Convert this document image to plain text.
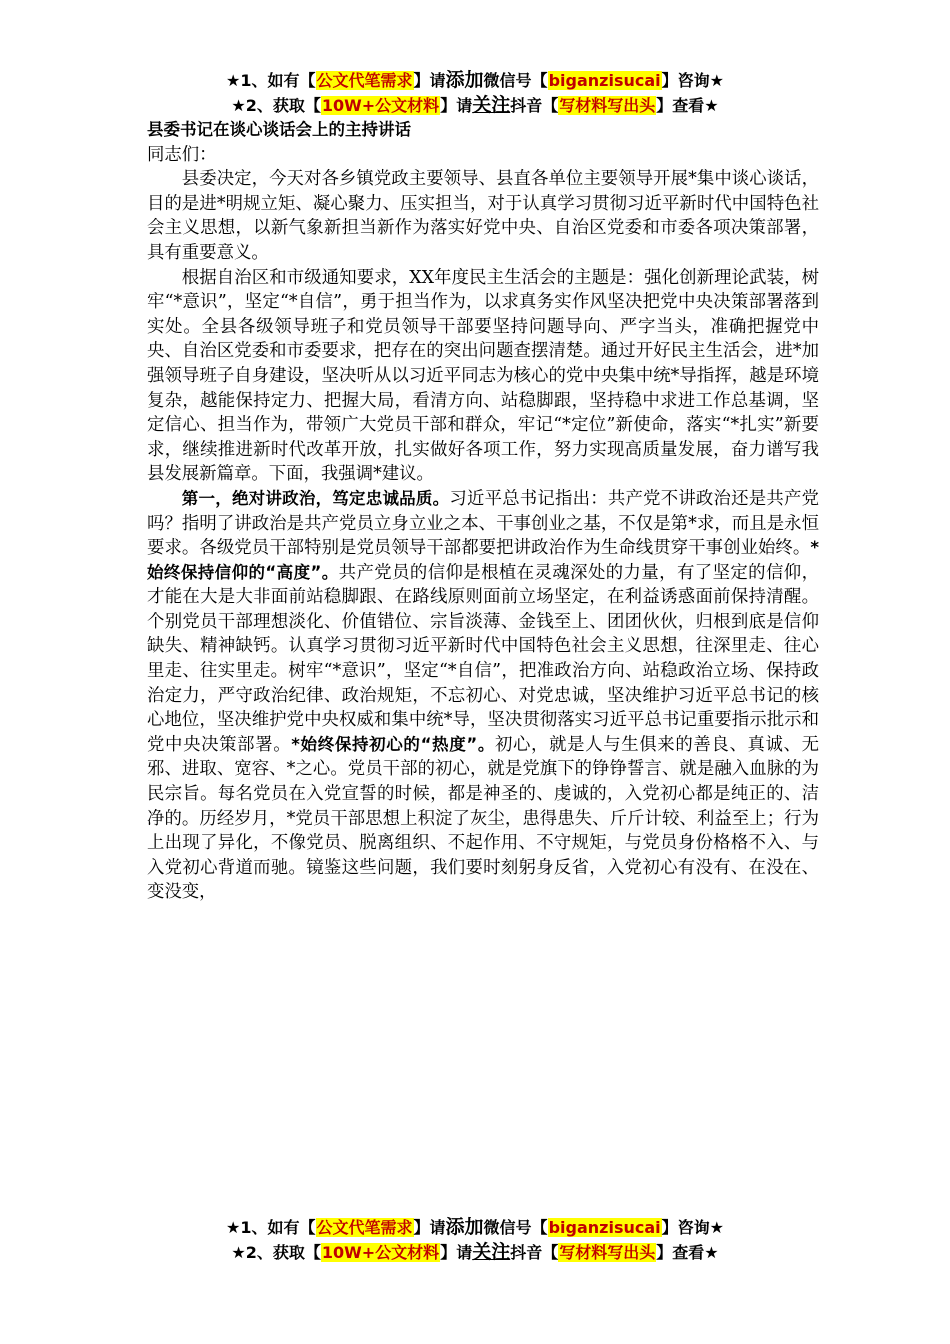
★1、如有【公文代笔需求】请添加微信号【biganzisucai】咨询★
★2、获取【10W+公文材料】请关注抖音【写材料写出头】查看★
县委书记在谈心谈话会上的主持讲话

同志们：

县委决定，今天对各乡镇党政主要领导、县直各单位主要领导开展*集中谈心谈话，目的是进*明规立矩、凝心聚力、压实担当，对于认真学习贯彻习近平新时代中国特色社会主义思想，以新气象新担当新作为落实好党中央、自治区党委和市委各项决策部署，具有重要意义。

根据自治区和市级通知要求，XX年度民主生活会的主题是：强化创新理论武装，树牢“*意识”，坚定“*自信”，勇于担当作为，以求真务实作风坚决把党中央决策部署落到实处。全县各级领导班子和党员领导干部要坚持问题导向、严字当头，准确把握党中央、自治区党委和市委要求，把存在的突出问题查摆清楚。通过开好民主生活会，进*加强领导班子自身建设，坚决听从以习近平同志为核心的党中央集中统*导指挥，越是环境复杂，越能保持定力、把握大局，看清方向、站稳脚跟，坚持稳中求进工作总基调，坚定信心、担当作为，带领广大党员干部和群众，牢记“*定位”新使命，落实“*扎实”新要求，继续推进新时代改革开放，扎实做好各项工作，努力实现高质量发展，奋力谱写我县发展新篇章。下面，我强调*建议。

第一，绝对讲政治，笃定忠诚品质。习近平总书记指出：共产党不讲政治还是共产党吗？指明了讲政治是共产党员立身立业之本、干事创业之基，不仅是第*求，而且是永恒要求。各级党员干部特别是党员领导干部都要把讲政治作为生命线贯穿干事创业始终。*始终保持信仰的“高度”。共产党员的信仰是根植在灵魂深处的力量，有了坚定的信仰，才能在大是大非面前站稳脚跟、在路线原则面前立场坚定，在利益诱惑面前保持清醒。个别党员干部理想淡化、价值错位、宗旨淡薄、金钱至上、团团伙伙，归根到底是信仰缺失、精神缺钙。认真学习贯彻习近平新时代中国特色社会主义思想，往深里走、往心里走、往实里走。树牢“*意识”，坚定“*自信”，把准政治方向、站稳政治立场、保持政治定力，严守政治纪律、政治规矩，不忘初心、对党忠诚，坚决维护习近平总书记的核心地位，坚决维护党中央权威和集中统*导，坚决贯彻落实习近平总书记重要指示批示和党中央决策部署。*始终保持初心的“热度”。初心，就是人与生俱来的善良、真诚、无邪、进取、宽容、*之心。党员干部的初心，就是党旗下的铮铮誓言、就是融入血脉的为民宗旨。每名党员在入党宣誓的时候，都是神圣的、虔诚的，入党初心都是纯正的、洁净的。历经岁月，*党员干部思想上积淀了灰尘，患得患失、斤斤计较、利益至上；行为上出现了异化，不像党员、脱离组织、不起作用、不守规矩，与党员身份格格不入、与入党初心背道而驰。镜鉴这些问题，我们要时刻躬身反省，入党初心有没有、在没在、变没变，

★1、如有【公文代笔需求】请添加微信号【biganzisucai】咨询★
★2、获取【10W+公文材料】请关注抖音【写材料写出头】查看★
